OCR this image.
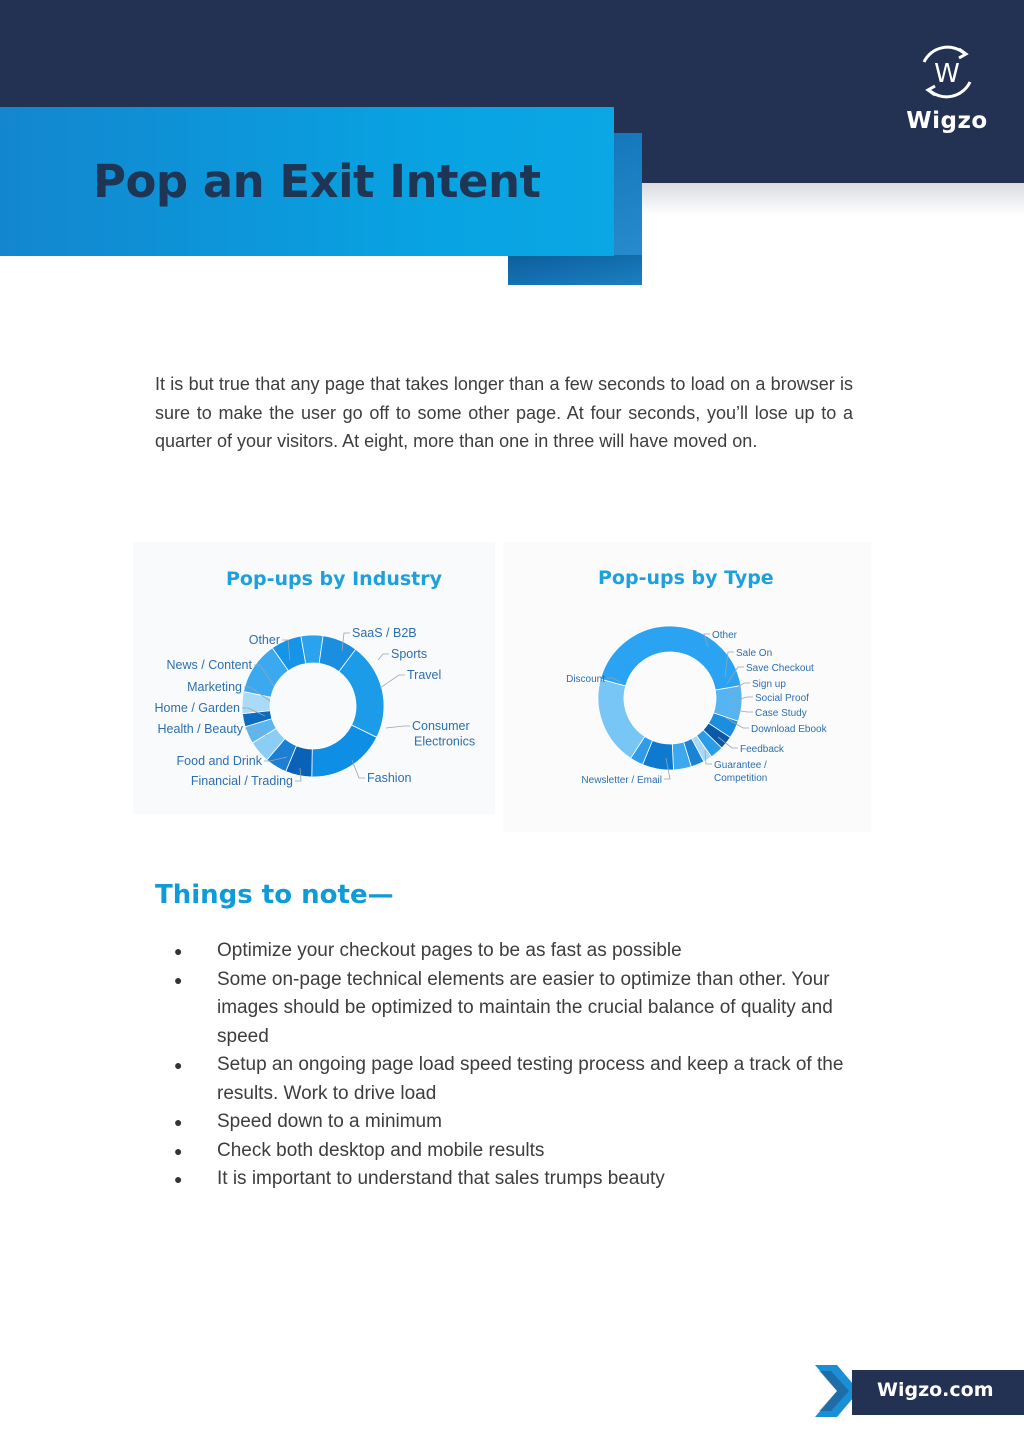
W
Wigzo
Pop an Exit Intent

It is but true that any page that takes longer than a few seconds to load on a browser is sure to make the user go off to some other page. At four seconds, you’ll lose up to a quarter of your visitors. At eight, more than one in three will have moved on.

Pop-ups by Industry	Pop-ups by Type
SaaS / B2B
Sports
Travel
Consumer Electronics
Fashion
Financial / Trading
Food and Drink
Health / Beauty
Home / Garden
Marketing
News / Content
Other	Other
Sale On
Save Checkout
Sign up
Social Proof
Case Study
Download Ebook
Feedback
Guarantee / Competition
Newsletter / Email
Discount
Things to note—
● Optimize your checkout pages to be as fast as possible
● Some on-page technical elements are easier to optimize than other. Your images should be optimized to maintain the crucial balance of quality and speed
● Setup an ongoing page load speed testing process and keep a track of the results. Work to drive load
● Speed down to a minimum
● Check both desktop and mobile results
● It is important to understand that sales trumps beauty
Wigzo.com
